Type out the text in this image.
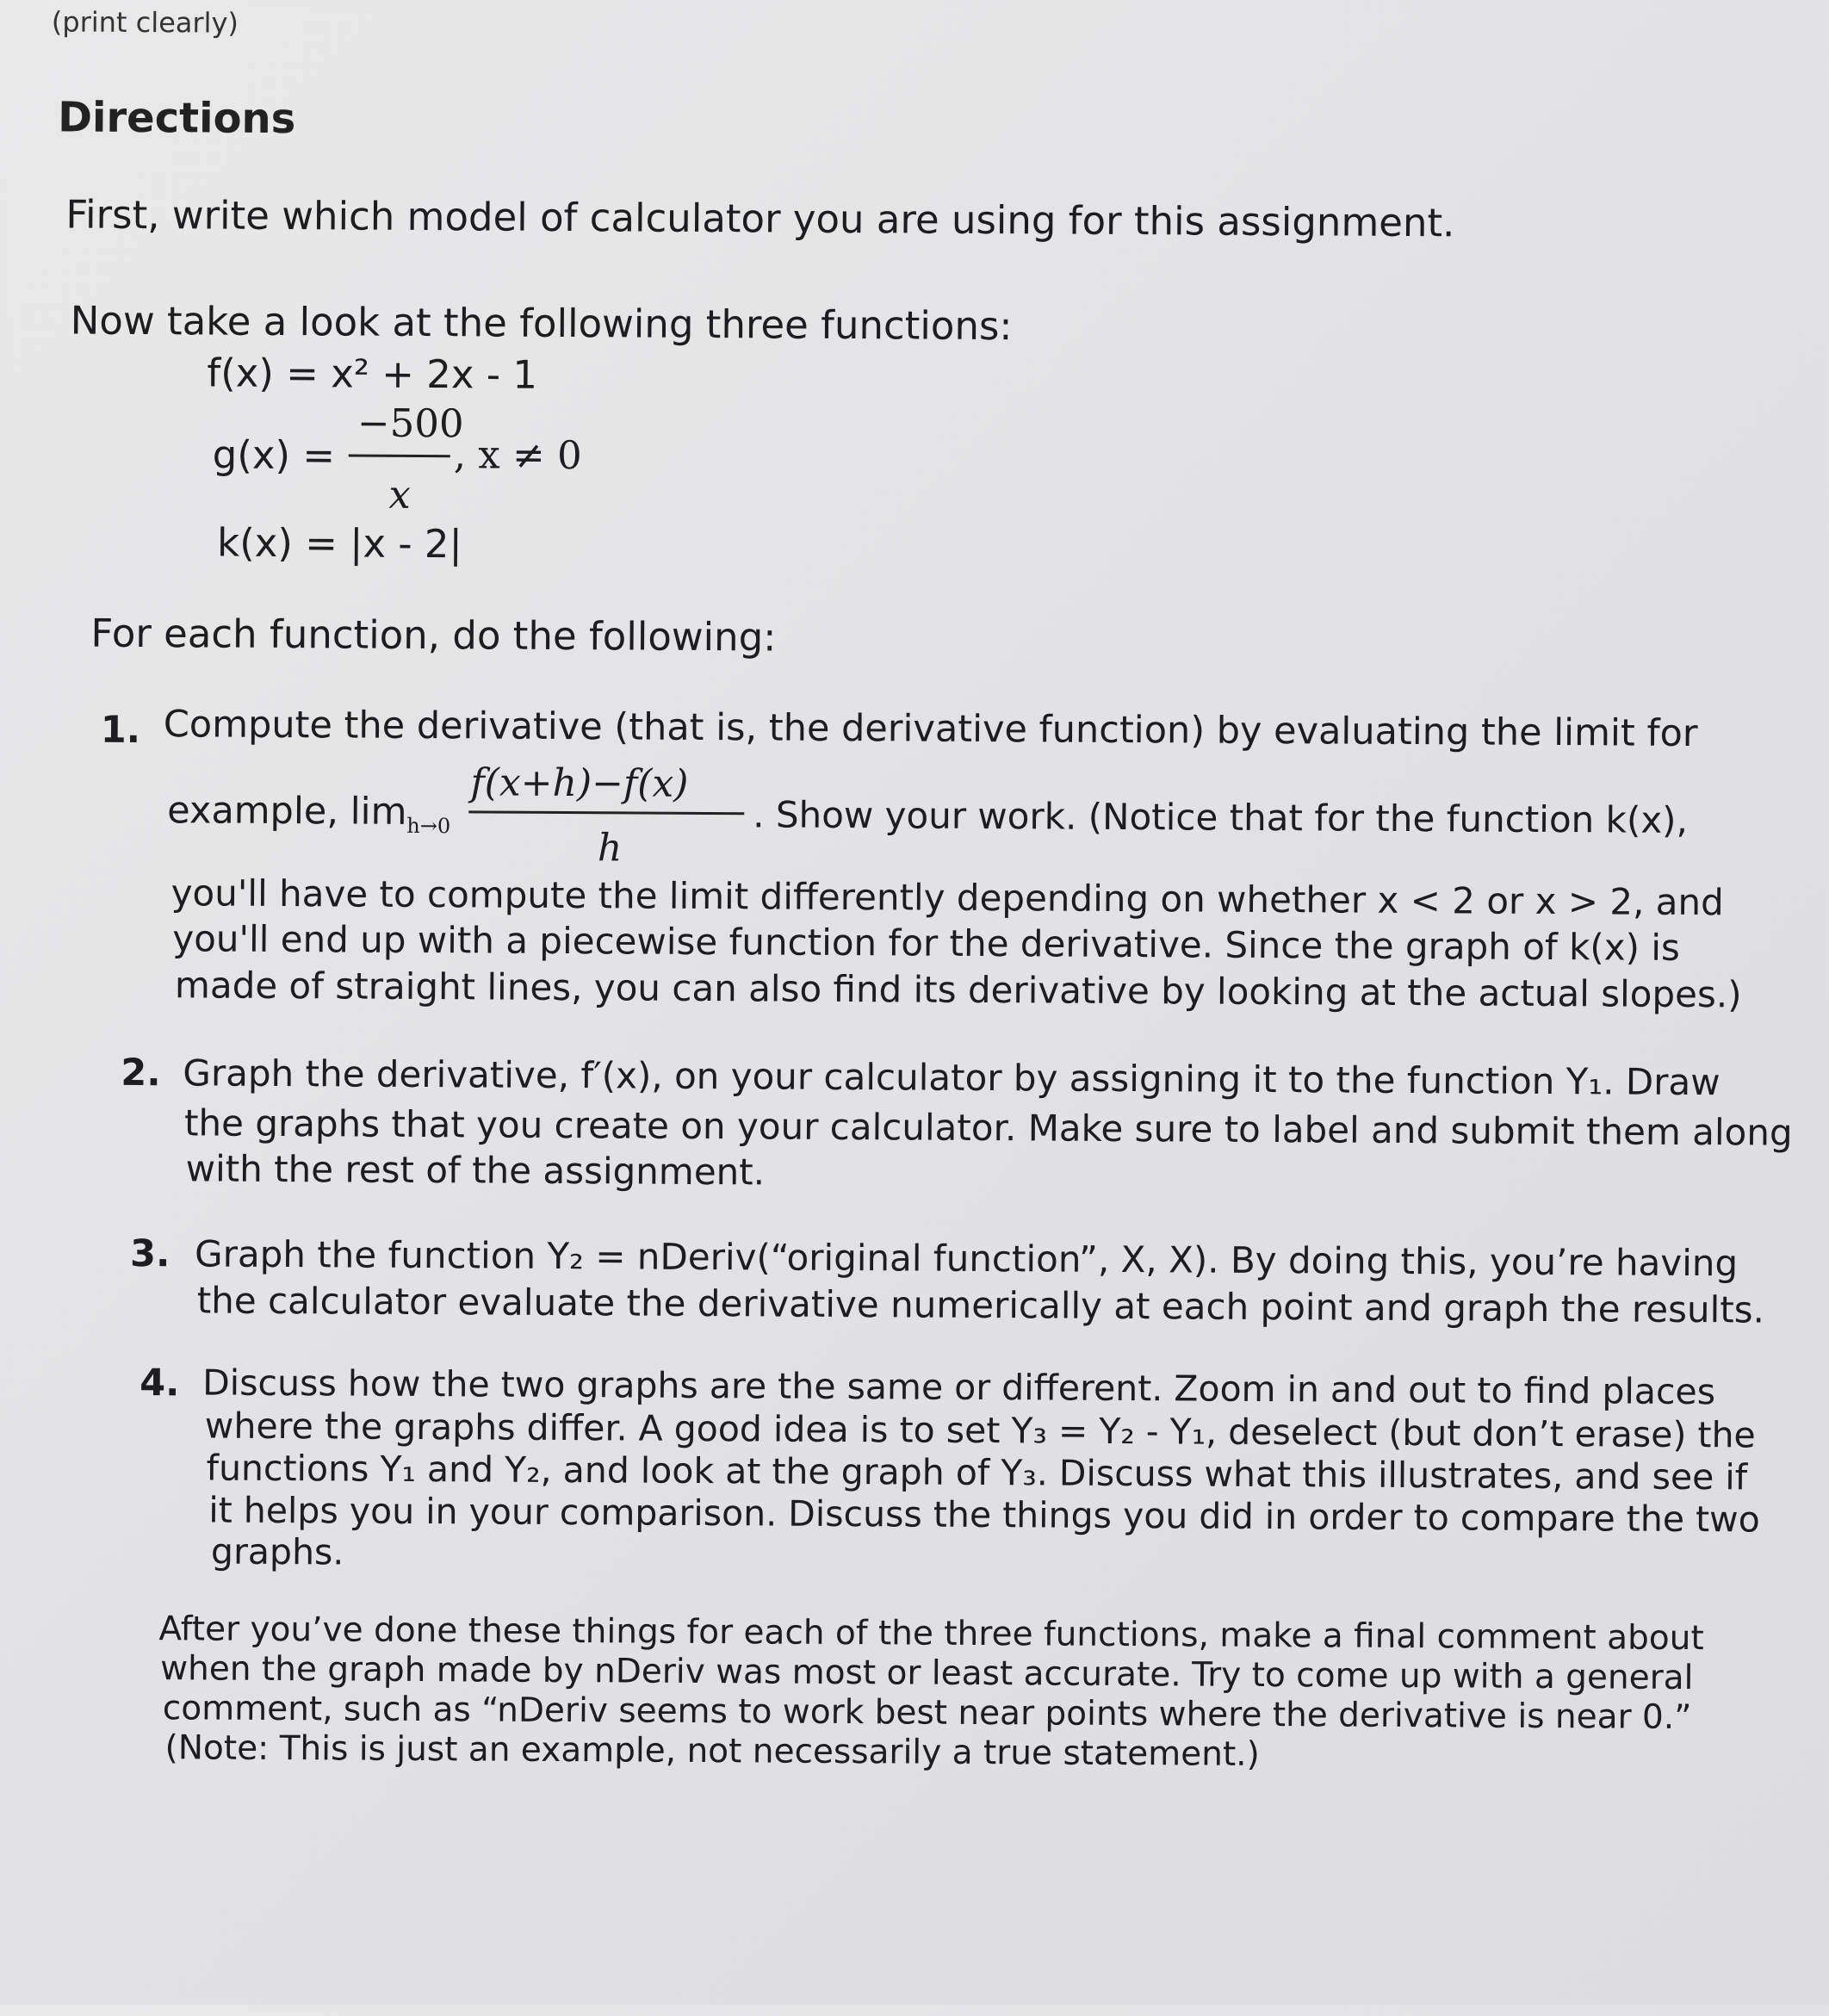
(print clearly)
Directions
First, write which model of calculator you are using for this assignment.
Now take a look at the following three functions:
f(x) = x² + 2x - 1
g(x) =
−500
x
, x ≠ 0
k(x) = |x - 2|
For each function, do the following:
1. Compute the derivative (that is, the derivative function) by evaluating the limit for
example, $\lim_{h\to 0}$
f(x+h)−f(x)
h
. Show your work. (Notice that for the function k(x),
you'll have to compute the limit differently depending on whether x < 2 or x > 2, and
you'll end up with a piecewise function for the derivative. Since the graph of k(x) is
made of straight lines, you can also find its derivative by looking at the actual slopes.)
2. Graph the derivative, f′(x), on your calculator by assigning it to the function Y₁. Draw
the graphs that you create on your calculator. Make sure to label and submit them along
with the rest of the assignment.
3. Graph the function Y₂ = nDeriv(“original function”, X, X). By doing this, you’re having
the calculator evaluate the derivative numerically at each point and graph the results.
4. Discuss how the two graphs are the same or different. Zoom in and out to find places
where the graphs differ. A good idea is to set Y₃ = Y₂ - Y₁, deselect (but don’t erase) the
functions Y₁ and Y₂, and look at the graph of Y₃. Discuss what this illustrates, and see if
it helps you in your comparison. Discuss the things you did in order to compare the two
graphs.
After you’ve done these things for each of the three functions, make a final comment about
when the graph made by nDeriv was most or least accurate. Try to come up with a general
comment, such as “nDeriv seems to work best near points where the derivative is near 0.”
(Note: This is just an example, not necessarily a true statement.)
